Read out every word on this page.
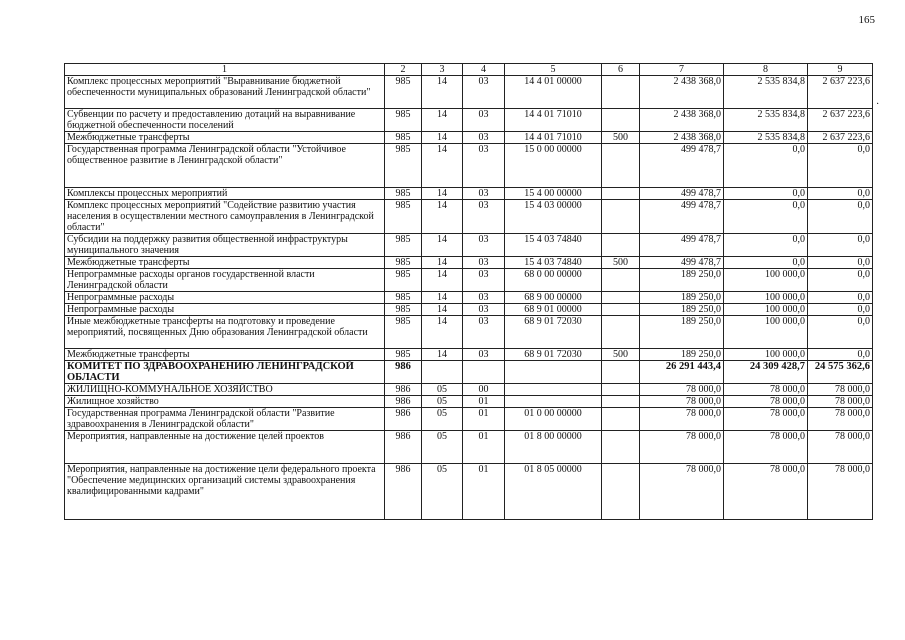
165
·
1	2	3	4	5	6	7	8	9
Комплекс процессных мероприятий "Выравнивание бюджетной обеспеченности муниципальных образований Ленинградской области"	985	14	03	14 4 01 00000		2 438 368,0	2 535 834,8	2 637 223,6
Субвенции по расчету и предоставлению дотаций на выравнивание бюджетной обеспеченности поселений	985	14	03	14 4 01 71010		2 438 368,0	2 535 834,8	2 637 223,6
Межбюджетные трансферты	985	14	03	14 4 01 71010	500	2 438 368,0	2 535 834,8	2 637 223,6
Государственная программа Ленинградской области "Устойчивое общественное развитие в Ленинградской области"	985	14	03	15 0 00 00000		499 478,7	0,0	0,0
Комплексы процессных мероприятий	985	14	03	15 4 00 00000		499 478,7	0,0	0,0
Комплекс процессных мероприятий "Содействие развитию участия населения в осуществлении местного самоуправления в Ленинградской области"	985	14	03	15 4 03 00000		499 478,7	0,0	0,0
Субсидии на поддержку развития общественной инфраструктуры муниципального значения	985	14	03	15 4 03 74840		499 478,7	0,0	0,0
Межбюджетные трансферты	985	14	03	15 4 03 74840	500	499 478,7	0,0	0,0
Непрограммные расходы органов государственной власти Ленинградской области	985	14	03	68 0 00 00000		189 250,0	100 000,0	0,0
Непрограммные расходы	985	14	03	68 9 00 00000		189 250,0	100 000,0	0,0
Непрограммные расходы	985	14	03	68 9 01 00000		189 250,0	100 000,0	0,0
Иные межбюджетные трансферты на подготовку и проведение мероприятий, посвященных Дню образования Ленинградской области	985	14	03	68 9 01 72030		189 250,0	100 000,0	0,0
Межбюджетные трансферты	985	14	03	68 9 01 72030	500	189 250,0	100 000,0	0,0
КОМИТЕТ ПО ЗДРАВООХРАНЕНИЮ ЛЕНИНГРАДСКОЙ ОБЛАСТИ	986					26 291 443,4	24 309 428,7	24 575 362,6
ЖИЛИЩНО-КОММУНАЛЬНОЕ ХОЗЯЙСТВО	986	05	00			78 000,0	78 000,0	78 000,0
Жилищное хозяйство	986	05	01			78 000,0	78 000,0	78 000,0
Государственная программа Ленинградской области "Развитие здравоохранения в Ленинградской области"	986	05	01	01 0 00 00000		78 000,0	78 000,0	78 000,0
Мероприятия, направленные на достижение целей проектов	986	05	01	01 8 00 00000		78 000,0	78 000,0	78 000,0
Мероприятия, направленные на достижение цели федерального проекта "Обеспечение медицинских организаций системы здравоохранения квалифицированными кадрами"	986	05	01	01 8 05 00000		78 000,0	78 000,0	78 000,0
